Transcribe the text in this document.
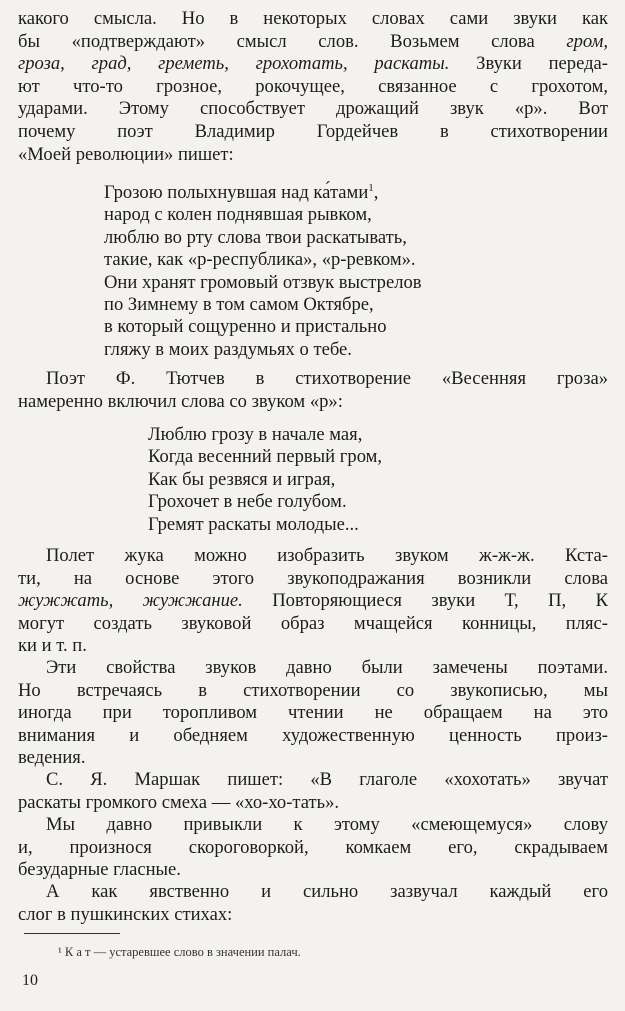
какого смысла. Но в некоторых словах сами звуки как
бы «подтверждают» смысл слов. Возьмем слова гром,
гроза, град, греметь, грохотать, раскаты. Звуки переда-
ют что-то грозное, рокочущее, связанное с грохотом,
ударами. Этому способствует дрожащий звук «р». Вот
почему поэт Владимир Гордейчев в стихотворении
«Моей революции» пишет:
Грозою полыхнувшая над ка́тами$^1$,
народ с колен поднявшая рывком,
люблю во рту слова твои раскатывать,
такие, как «р-республика», «р-ревком».
Они хранят громовый отзвук выстрелов
по Зимнему в том самом Октябре,
в который сощуренно и пристально
гляжу в моих раздумьях о тебе.
Поэт Ф. Тютчев в стихотворение «Весенняя гроза»
намеренно включил слова со звуком «р»:
Люблю грозу в начале мая,
Когда весенний первый гром,
Как бы резвяся и играя,
Грохочет в небе голубом.
Гремят раскаты молодые...
Полет жука можно изобразить звуком ж-ж-ж. Кста-
ти, на основе этого звукоподражания возникли слова
жужжать, жужжание. Повторяющиеся звуки Т, П, К
могут создать звуковой образ мчащейся конницы, пляс-
ки и т. п.
Эти свойства звуков давно были замечены поэтами.
Но встречаясь в стихотворении со звукописью, мы
иногда при торопливом чтении не обращаем на это
внимания и обедняем художественную ценность произ-
ведения.
С. Я. Маршак пишет: «В глаголе «хохотать» звучат
раскаты громкого смеха — «хо-хо-тать».
Мы давно привыкли к этому «смеющемуся» слову
и, произнося скороговоркой, комкаем его, скрадываем
безударные гласные.
А как явственно и сильно зазвучал каждый его
слог в пушкинских стихах:
¹ К а т — устаревшее слово в значении палач.
10
